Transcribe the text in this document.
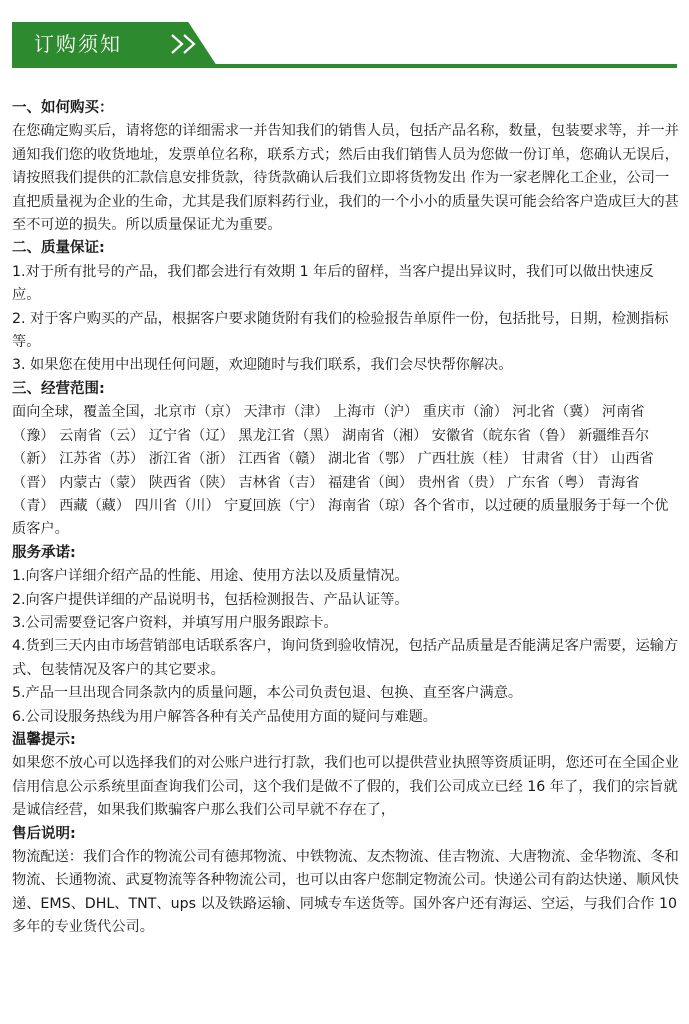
订购须知
一、如何购买：

在您确定购买后，请将您的详细需求一并告知我们的销售人员，包括产品名称，数量，包装要求等，并一并通知我们您的收货地址，发票单位名称，联系方式；然后由我们销售人员为您做一份订单，您确认无误后，请按照我们提供的汇款信息安排货款，待货款确认后我们立即将货物发出 作为一家老牌化工企业，公司一直把质量视为企业的生命，尤其是我们原料药行业，我们的一个小小的质量失误可能会给客户造成巨大的甚至不可逆的损失。所以质量保证尤为重要。

二、质量保证:

1.对于所有批号的产品，我们都会进行有效期 1 年后的留样，当客户提出异议时，我们可以做出快速反应。

2. 对于客户购买的产品，根据客户要求随货附有我们的检验报告单原件一份，包括批号，日期，检测指标等。

3. 如果您在使用中出现任何问题，欢迎随时与我们联系，我们会尽快帮你解决。

三、经营范围:

面向全球，覆盖全国，北京市（京） 天津市（津） 上海市（沪） 重庆市（渝） 河北省（冀） 河南省（豫） 云南省（云） 辽宁省（辽） 黑龙江省（黑） 湖南省（湘） 安徽省（皖东省（鲁） 新疆维吾尔（新） 江苏省（苏） 浙江省（浙） 江西省（赣） 湖北省（鄂） 广西壮族（桂） 甘肃省（甘） 山西省（晋） 内蒙古（蒙） 陕西省（陕） 吉林省（吉） 福建省（闽） 贵州省（贵） 广东省（粤） 青海省（青） 西藏（藏） 四川省（川） 宁夏回族（宁） 海南省（琼）各个省市，以过硬的质量服务于每一个优质客户。

服务承诺:

1.向客户详细介绍产品的性能、用途、使用方法以及质量情况。

2.向客户提供详细的产品说明书，包括检测报告、产品认证等。

3.公司需要登记客户资料，并填写用户服务跟踪卡。

4.货到三天内由市场营销部电话联系客户，询问货到验收情况，包括产品质量是否能满足客户需要，运输方式、包装情况及客户的其它要求。

5.产品一旦出现合同条款内的质量问题，本公司负责包退、包换、直至客户满意。

6.公司设服务热线为用户解答各种有关产品使用方面的疑问与难题。

温馨提示:

如果您不放心可以选择我们的对公账户进行打款，我们也可以提供营业执照等资质证明，您还可在全国企业信用信息公示系统里面查询我们公司，这个我们是做不了假的，我们公司成立已经 16 年了，我们的宗旨就是诚信经营，如果我们欺骗客户那么我们公司早就不存在了，

售后说明:

物流配送：我们合作的物流公司有德邦物流、中铁物流、友杰物流、佳吉物流、大唐物流、金华物流、冬和物流、长通物流、武夏物流等各种物流公司，也可以由客户您制定物流公司。快递公司有韵达快递、顺风快递、EMS、DHL、TNT、ups 以及铁路运输、同城专车送货等。国外客户还有海运、空运，与我们合作 10 多年的专业货代公司。
